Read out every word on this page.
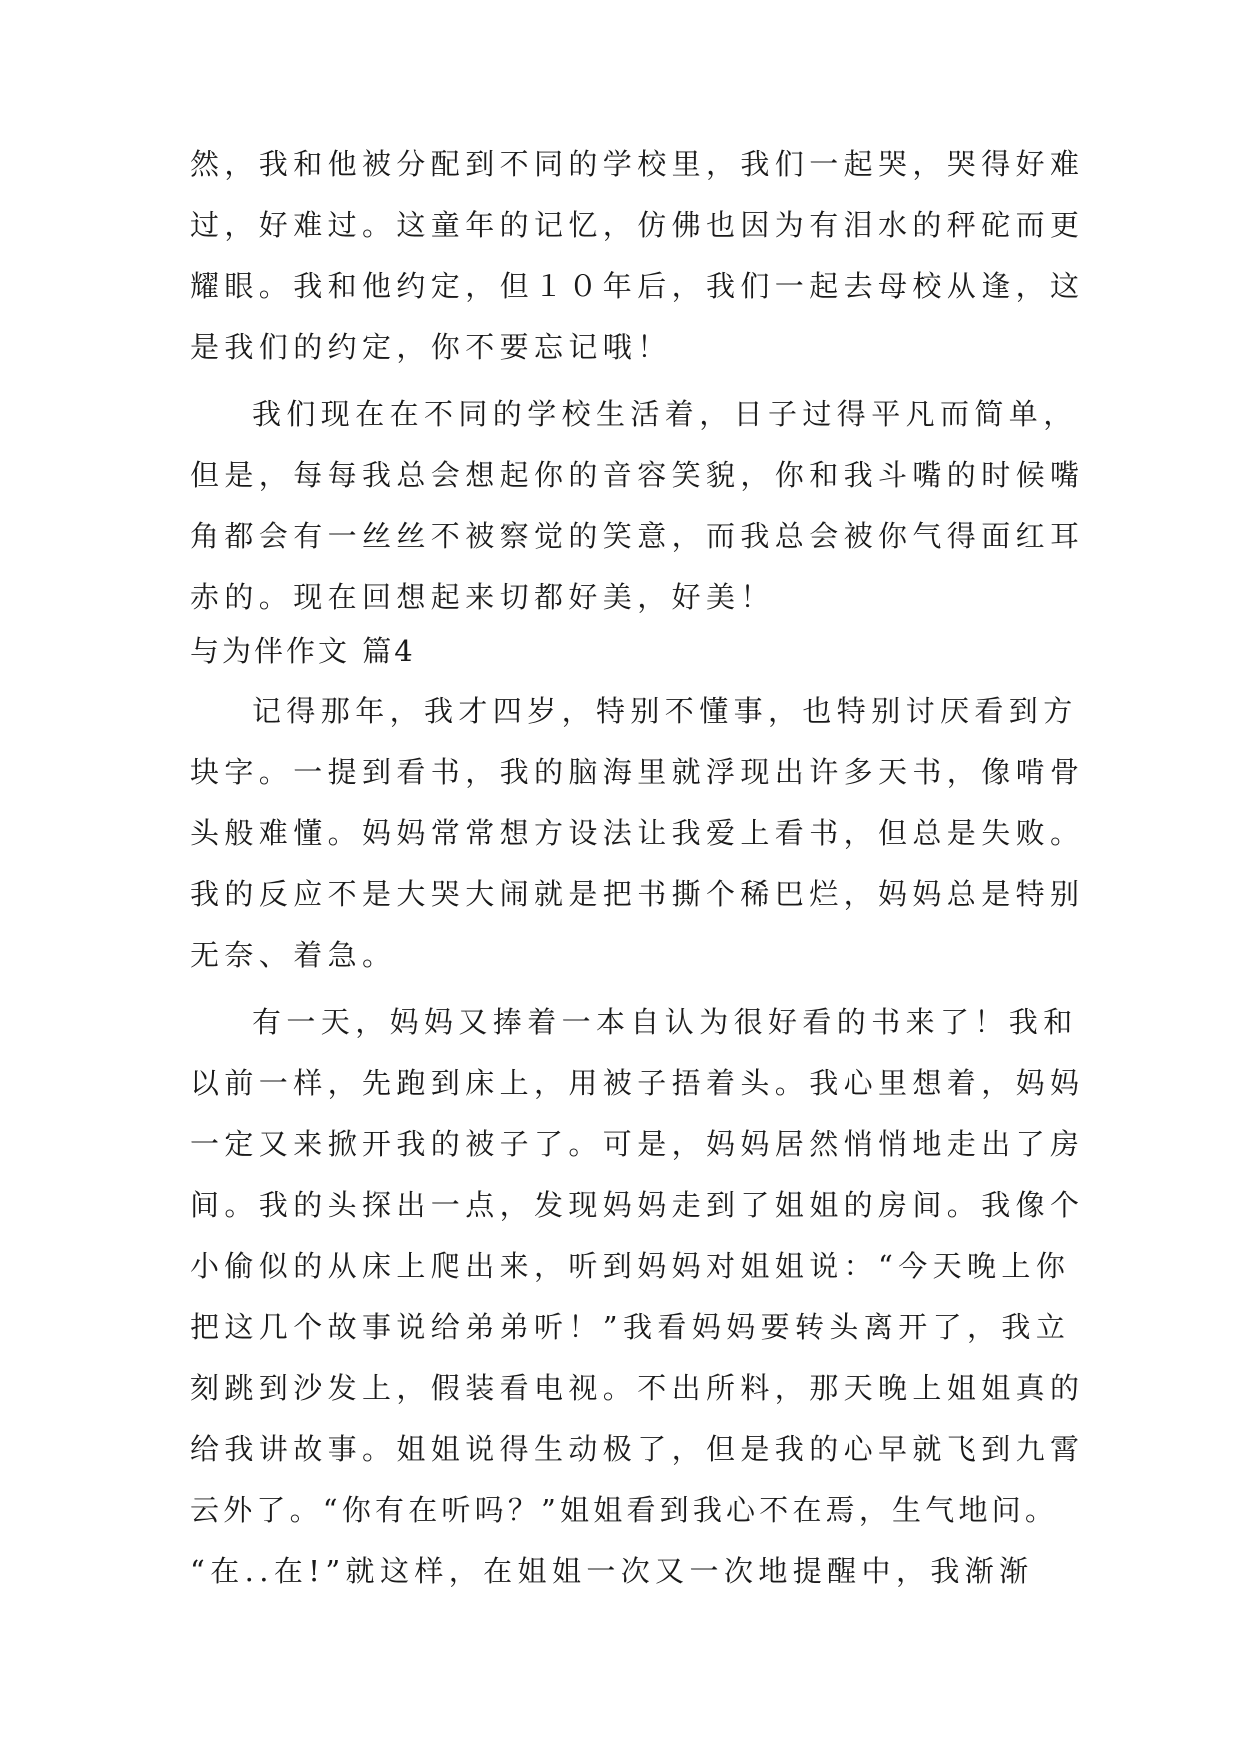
然，我和他被分配到不同的学校里，我们一起哭，哭得好难
过，好难过。这童年的记忆，仿佛也因为有泪水的秤砣而更
耀眼。我和他约定，但１０年后，我们一起去母校从逢，这
是我们的约定，你不要忘记哦！
我们现在在不同的学校生活着，日子过得平凡而简单，
但是，每每我总会想起你的音容笑貌，你和我斗嘴的时候嘴
角都会有一丝丝不被察觉的笑意，而我总会被你气得面红耳
赤的。现在回想起来切都好美，好美！
与为伴作文 篇4
记得那年，我才四岁，特别不懂事，也特别讨厌看到方
块字。一提到看书，我的脑海里就浮现出许多天书，像啃骨
头般难懂。妈妈常常想方设法让我爱上看书，但总是失败。
我的反应不是大哭大闹就是把书撕个稀巴烂，妈妈总是特别
无奈、着急。
有一天，妈妈又捧着一本自认为很好看的书来了！我和
以前一样，先跑到床上，用被子捂着头。我心里想着，妈妈
一定又来掀开我的被子了。可是，妈妈居然悄悄地走出了房
间。我的头探出一点，发现妈妈走到了姐姐的房间。我像个
小偷似的从床上爬出来，听到妈妈对姐姐说：“今天晚上你
把这几个故事说给弟弟听！”我看妈妈要转头离开了，我立
刻跳到沙发上，假装看电视。不出所料，那天晚上姐姐真的
给我讲故事。姐姐说得生动极了，但是我的心早就飞到九霄
云外了。“你有在听吗？”姐姐看到我心不在焉，生气地问。
“在..在!”就这样，在姐姐一次又一次地提醒中，我渐渐
